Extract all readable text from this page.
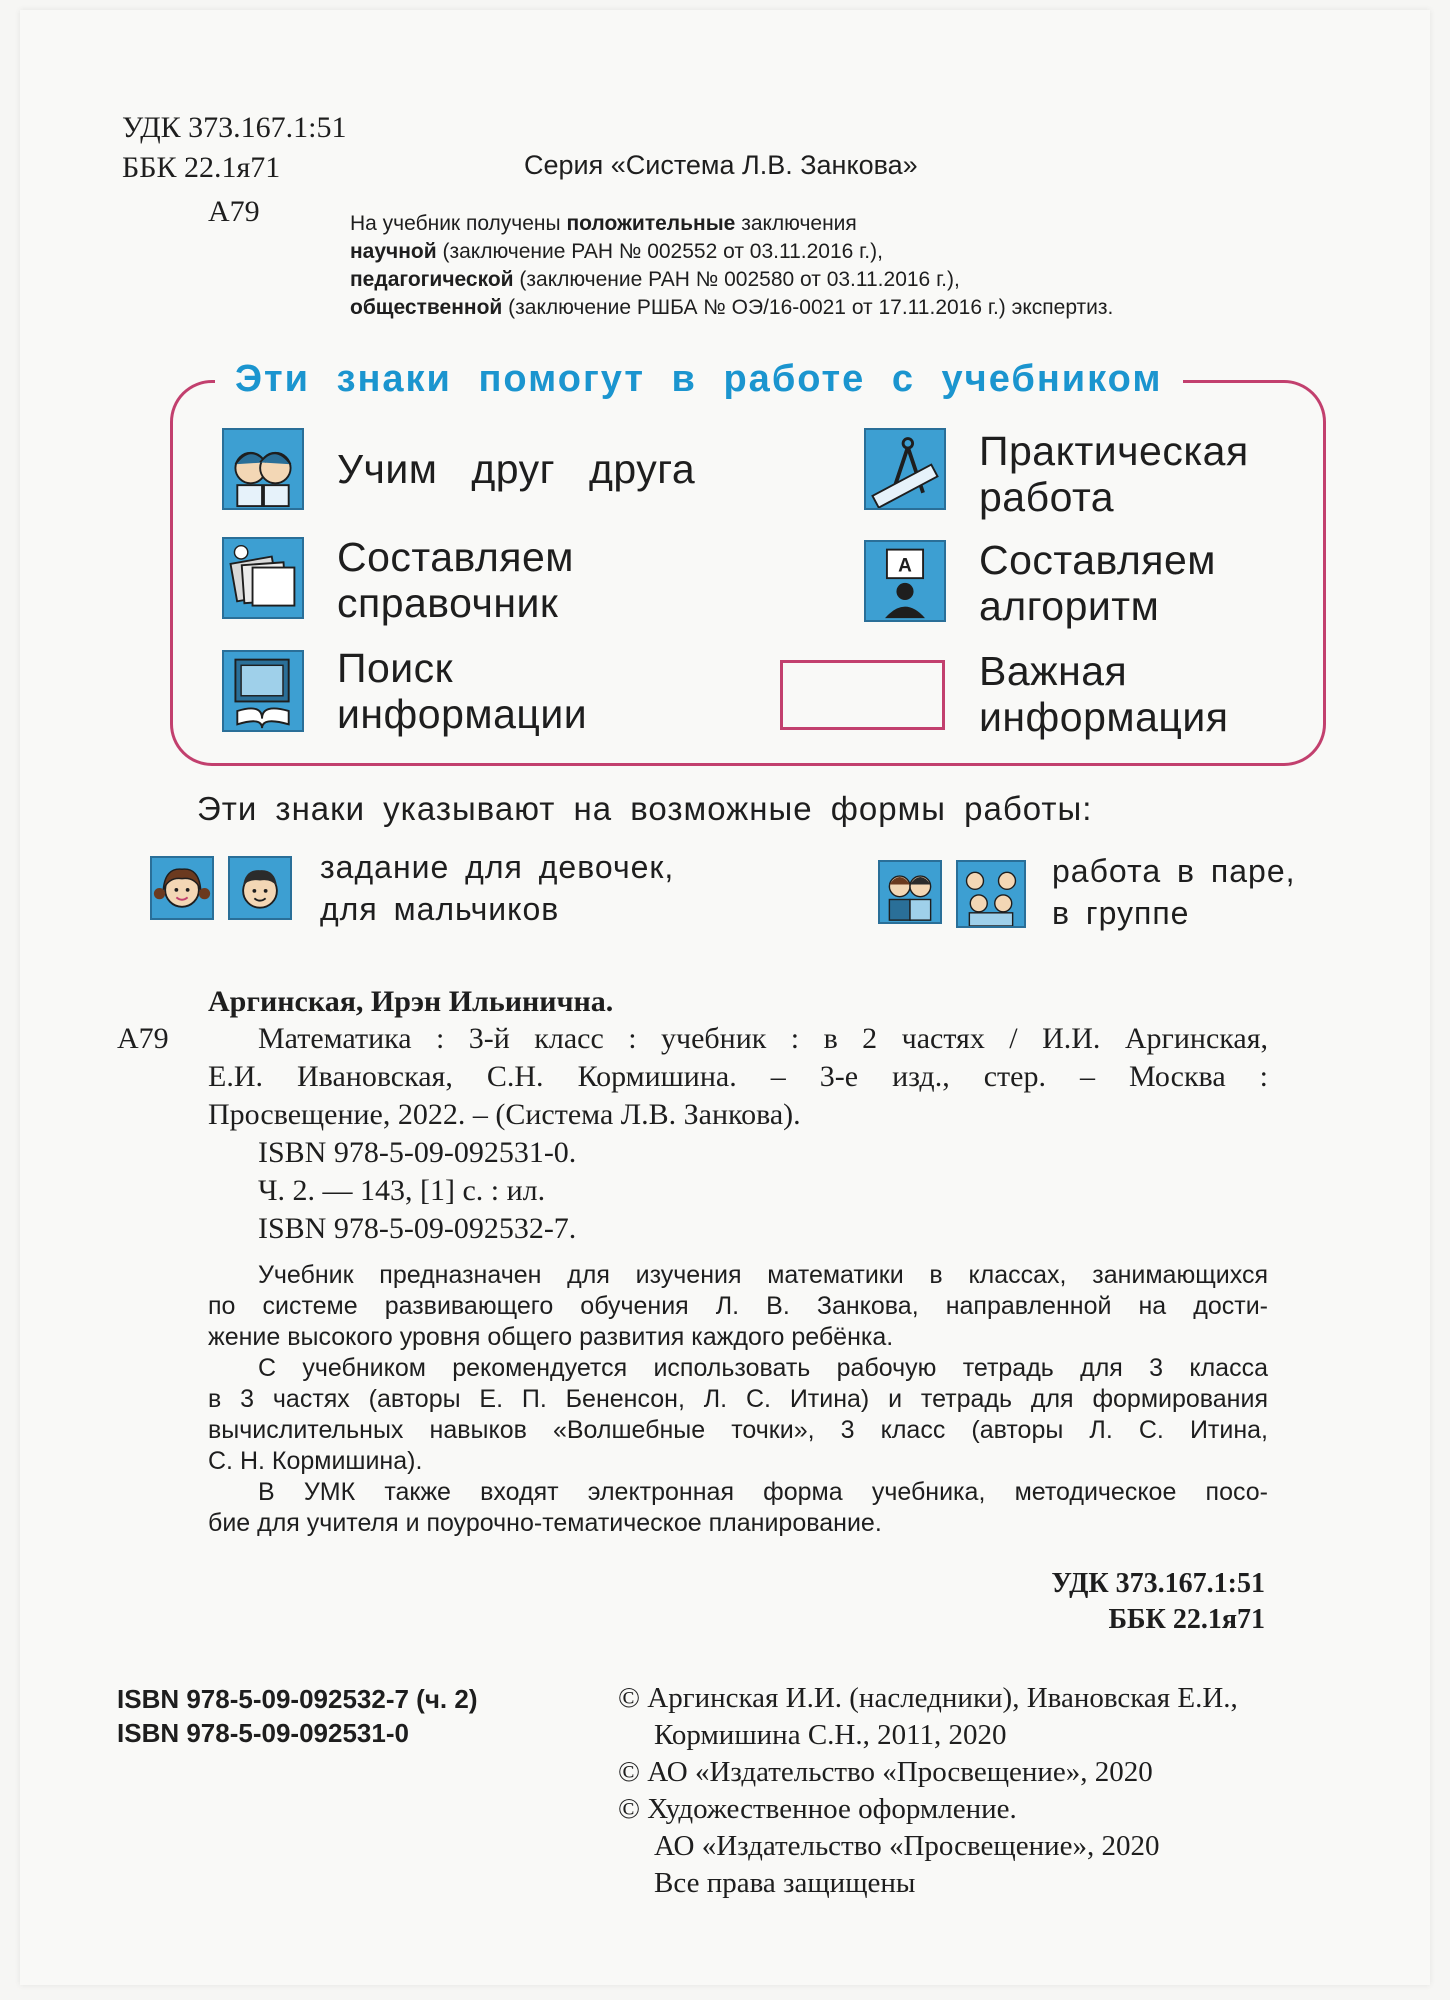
УДК 373.167.1:51
ББК 22.1я71
А79
Серия «Система Л.В. Занкова»
На учебник получены положительные заключения
научной (заключение РАН № 002552 от 03.11.2016 г.),
педагогической (заключение РАН № 002580 от 03.11.2016 г.),
общественной (заключение РШБА № ОЭ/16-0021 от 17.11.2016 г.) экспертиз.
Эти знаки помогут в работе с учебником
Учим друг друга	Практическая
работа
Составляем
справочник
A Составляем
алгоритм
Поиск
информации
Важная
информация
Эти знаки указывают на возможные формы работы:
задание для девочек,
для мальчиков
работа в паре,
в группе
Аргинская, Ирэн Ильинична.
А79	Математика : 3-й класс : учебник : в 2 частях / И.И. Аргинская,
Е.И. Ивановская, С.Н. Кормишина. – 3-е изд., стер. – Москва :
Просвещение, 2022. – (Система Л.В. Занкова).
ISBN 978-5-09-092531-0.
Ч. 2. — 143, [1] с. : ил.
ISBN 978-5-09-092532-7.
Учебник предназначен для изучения математики в классах, занимающихся
по системе развивающего обучения Л. В. Занкова, направленной на дости-
жение высокого уровня общего развития каждого ребёнка.
С учебником рекомендуется использовать рабочую тетрадь для 3 класса
в 3 частях (авторы Е. П. Бененсон, Л. С. Итина) и тетрадь для формирования
вычислительных навыков «Волшебные точки», 3 класс (авторы Л. С. Итина,
С. Н. Кормишина).
В УМК также входят электронная форма учебника, методическое посо-
бие для учителя и поурочно-тематическое планирование.
УДК 373.167.1:51
ББК 22.1я71
ISBN 978-5-09-092532-7 (ч. 2)
ISBN 978-5-09-092531-0
© Аргинская И.И. (наследники), Ивановская Е.И.,
Кормишина С.Н., 2011, 2020
© АО «Издательство «Просвещение», 2020
© Художественное оформление.
АО «Издательство «Просвещение», 2020
Все права защищены
